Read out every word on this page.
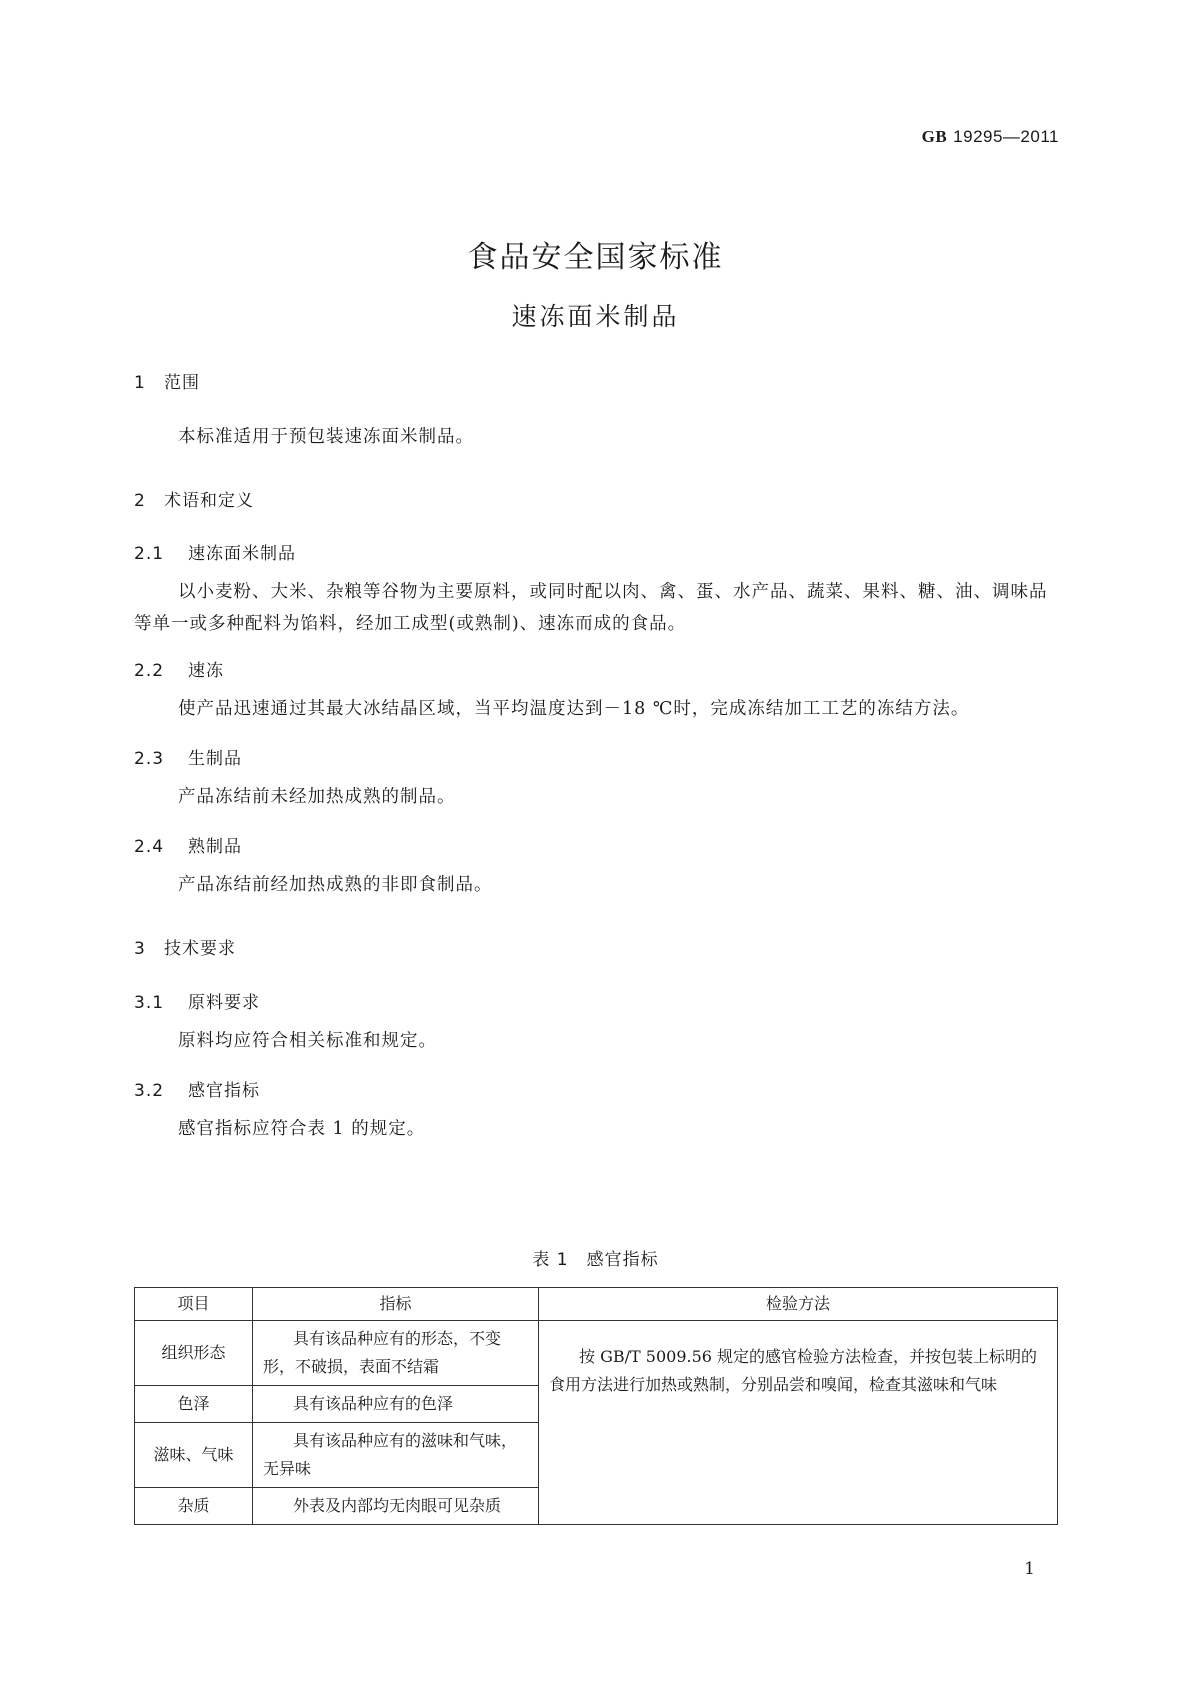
GB 19295—2011
食品安全国家标准
速冻面米制品
1 范围
本标准适用于预包装速冻面米制品。
2 术语和定义
2.1 速冻面米制品
以小麦粉、大米、杂粮等谷物为主要原料，或同时配以肉、禽、蛋、水产品、蔬菜、果料、糖、油、调味品等单一或多种配料为馅料，经加工成型(或熟制)、速冻而成的食品。
2.2 速冻
使产品迅速通过其最大冰结晶区域，当平均温度达到－18 ℃时，完成冻结加工工艺的冻结方法。
2.3 生制品
产品冻结前未经加热成熟的制品。
2.4 熟制品
产品冻结前经加热成熟的非即食制品。
3 技术要求
3.1 原料要求
原料均应符合相关标准和规定。
3.2 感官指标
感官指标应符合表 1 的规定。
表 1　感官指标
项目	指标	检验方法
组织形态	具有该品种应有的形态，不变形，不破损，表面不结霜	按 GB/T 5009.56 规定的感官检验方法检查，并按包装上标明的食用方法进行加热或熟制，分别品尝和嗅闻，检查其滋味和气味
色泽	具有该品种应有的色泽	
滋味、气味	具有该品种应有的滋味和气味，无异味	
杂质	外表及内部均无肉眼可见杂质	
1
